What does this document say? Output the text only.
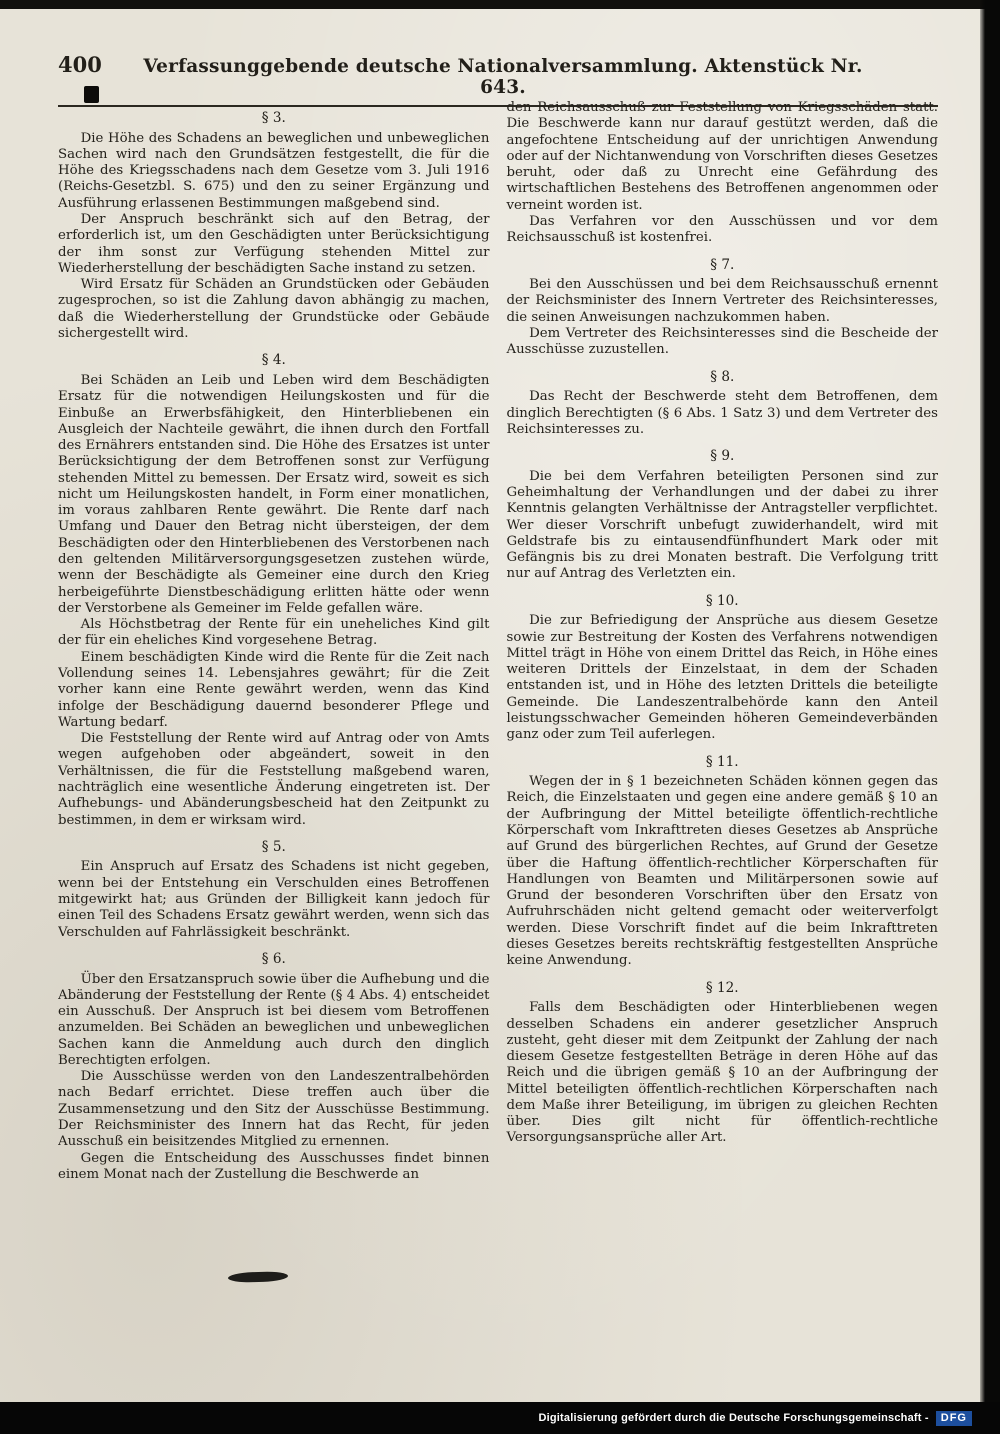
400	Verfassunggebende deutsche Nationalversammlung. Aktenstück Nr. 643.
§ 3.
Die Höhe des Schadens an beweglichen und unbeweglichen Sachen wird nach den Grundsätzen festgestellt, die für die Höhe des Kriegsschadens nach dem Gesetze vom 3. Juli 1916 (Reichs-Gesetzbl. S. 675) und den zu seiner Ergänzung und Ausführung erlassenen Bestimmungen maßgebend sind.
Der Anspruch beschränkt sich auf den Betrag, der erforderlich ist, um den Geschädigten unter Berücksichtigung der ihm sonst zur Verfügung stehenden Mittel zur Wiederherstellung der beschädigten Sache instand zu setzen.
Wird Ersatz für Schäden an Grundstücken oder Gebäuden zugesprochen, so ist die Zahlung davon abhängig zu machen, daß die Wiederherstellung der Grundstücke oder Gebäude sichergestellt wird.
§ 4.
Bei Schäden an Leib und Leben wird dem Beschädigten Ersatz für die notwendigen Heilungskosten und für die Einbuße an Erwerbsfähigkeit, den Hinterbliebenen ein Ausgleich der Nachteile gewährt, die ihnen durch den Fortfall des Ernährers entstanden sind. Die Höhe des Ersatzes ist unter Berücksichtigung der dem Betroffenen sonst zur Verfügung stehenden Mittel zu bemessen. Der Ersatz wird, soweit es sich nicht um Heilungskosten handelt, in Form einer monatlichen, im voraus zahlbaren Rente gewährt. Die Rente darf nach Umfang und Dauer den Betrag nicht übersteigen, der dem Beschädigten oder den Hinterbliebenen des Verstorbenen nach den geltenden Militärversorgungsgesetzen zustehen würde, wenn der Beschädigte als Gemeiner eine durch den Krieg herbeigeführte Dienstbeschädigung erlitten hätte oder wenn der Verstorbene als Gemeiner im Felde gefallen wäre.
Als Höchstbetrag der Rente für ein uneheliches Kind gilt der für ein eheliches Kind vorgesehene Betrag.
Einem beschädigten Kinde wird die Rente für die Zeit nach Vollendung seines 14. Lebensjahres gewährt; für die Zeit vorher kann eine Rente gewährt werden, wenn das Kind infolge der Beschädigung dauernd besonderer Pflege und Wartung bedarf.
Die Feststellung der Rente wird auf Antrag oder von Amts wegen aufgehoben oder abgeändert, soweit in den Verhältnissen, die für die Feststellung maßgebend waren, nachträglich eine wesentliche Änderung eingetreten ist. Der Aufhebungs- und Abänderungsbescheid hat den Zeitpunkt zu bestimmen, in dem er wirksam wird.
§ 5.
Ein Anspruch auf Ersatz des Schadens ist nicht gegeben, wenn bei der Entstehung ein Verschulden eines Betroffenen mitgewirkt hat; aus Gründen der Billigkeit kann jedoch für einen Teil des Schadens Ersatz gewährt werden, wenn sich das Verschulden auf Fahrlässigkeit beschränkt.
§ 6.
Über den Ersatzanspruch sowie über die Aufhebung und die Abänderung der Feststellung der Rente (§ 4 Abs. 4) entscheidet ein Ausschuß. Der Anspruch ist bei diesem vom Betroffenen anzumelden. Bei Schäden an beweglichen und unbeweglichen Sachen kann die Anmeldung auch durch den dinglich Berechtigten erfolgen.
Die Ausschüsse werden von den Landeszentralbehörden nach Bedarf errichtet. Diese treffen auch über die Zusammensetzung und den Sitz der Ausschüsse Bestimmung. Der Reichsminister des Innern hat das Recht, für jeden Ausschuß ein beisitzendes Mitglied zu ernennen.
Gegen die Entscheidung des Ausschusses findet binnen einem Monat nach der Zustellung die Beschwerde an
den Reichsausschuß zur Feststellung von Kriegsschäden statt. Die Beschwerde kann nur darauf gestützt werden, daß die angefochtene Entscheidung auf der unrichtigen Anwendung oder auf der Nichtanwendung von Vorschriften dieses Gesetzes beruht, oder daß zu Unrecht eine Gefährdung des wirtschaftlichen Bestehens des Betroffenen angenommen oder verneint worden ist.
Das Verfahren vor den Ausschüssen und vor dem Reichsausschuß ist kostenfrei.
§ 7.
Bei den Ausschüssen und bei dem Reichsausschuß ernennt der Reichsminister des Innern Vertreter des Reichsinteresses, die seinen Anweisungen nachzukommen haben.
Dem Vertreter des Reichsinteresses sind die Bescheide der Ausschüsse zuzustellen.
§ 8.
Das Recht der Beschwerde steht dem Betroffenen, dem dinglich Berechtigten (§ 6 Abs. 1 Satz 3) und dem Vertreter des Reichsinteresses zu.
§ 9.
Die bei dem Verfahren beteiligten Personen sind zur Geheimhaltung der Verhandlungen und der dabei zu ihrer Kenntnis gelangten Verhältnisse der Antragsteller verpflichtet. Wer dieser Vorschrift unbefugt zuwiderhandelt, wird mit Geldstrafe bis zu eintausendfünfhundert Mark oder mit Gefängnis bis zu drei Monaten bestraft. Die Verfolgung tritt nur auf Antrag des Verletzten ein.
§ 10.
Die zur Befriedigung der Ansprüche aus diesem Gesetze sowie zur Bestreitung der Kosten des Verfahrens notwendigen Mittel trägt in Höhe von einem Drittel das Reich, in Höhe eines weiteren Drittels der Einzelstaat, in dem der Schaden entstanden ist, und in Höhe des letzten Drittels die beteiligte Gemeinde. Die Landeszentralbehörde kann den Anteil leistungsschwacher Gemeinden höheren Gemeindeverbänden ganz oder zum Teil auferlegen.
§ 11.
Wegen der in § 1 bezeichneten Schäden können gegen das Reich, die Einzelstaaten und gegen eine andere gemäß § 10 an der Aufbringung der Mittel beteiligte öffentlich-rechtliche Körperschaft vom Inkrafttreten dieses Gesetzes ab Ansprüche auf Grund des bürgerlichen Rechtes, auf Grund der Gesetze über die Haftung öffentlich-rechtlicher Körperschaften für Handlungen von Beamten und Militärpersonen sowie auf Grund der besonderen Vorschriften über den Ersatz von Aufruhrschäden nicht geltend gemacht oder weiterverfolgt werden. Diese Vorschrift findet auf die beim Inkrafttreten dieses Gesetzes bereits rechtskräftig festgestellten Ansprüche keine Anwendung.
§ 12.
Falls dem Beschädigten oder Hinterbliebenen wegen desselben Schadens ein anderer gesetzlicher Anspruch zusteht, geht dieser mit dem Zeitpunkt der Zahlung der nach diesem Gesetze festgestellten Beträge in deren Höhe auf das Reich und die übrigen gemäß § 10 an der Aufbringung der Mittel beteiligten öffentlich-rechtlichen Körperschaften nach dem Maße ihrer Beteiligung, im übrigen zu gleichen Rechten über. Dies gilt nicht für öffentlich-rechtliche Versorgungsansprüche aller Art.
Digitalisierung gefördert durch die Deutsche Forschungsgemeinschaft -	DFG
